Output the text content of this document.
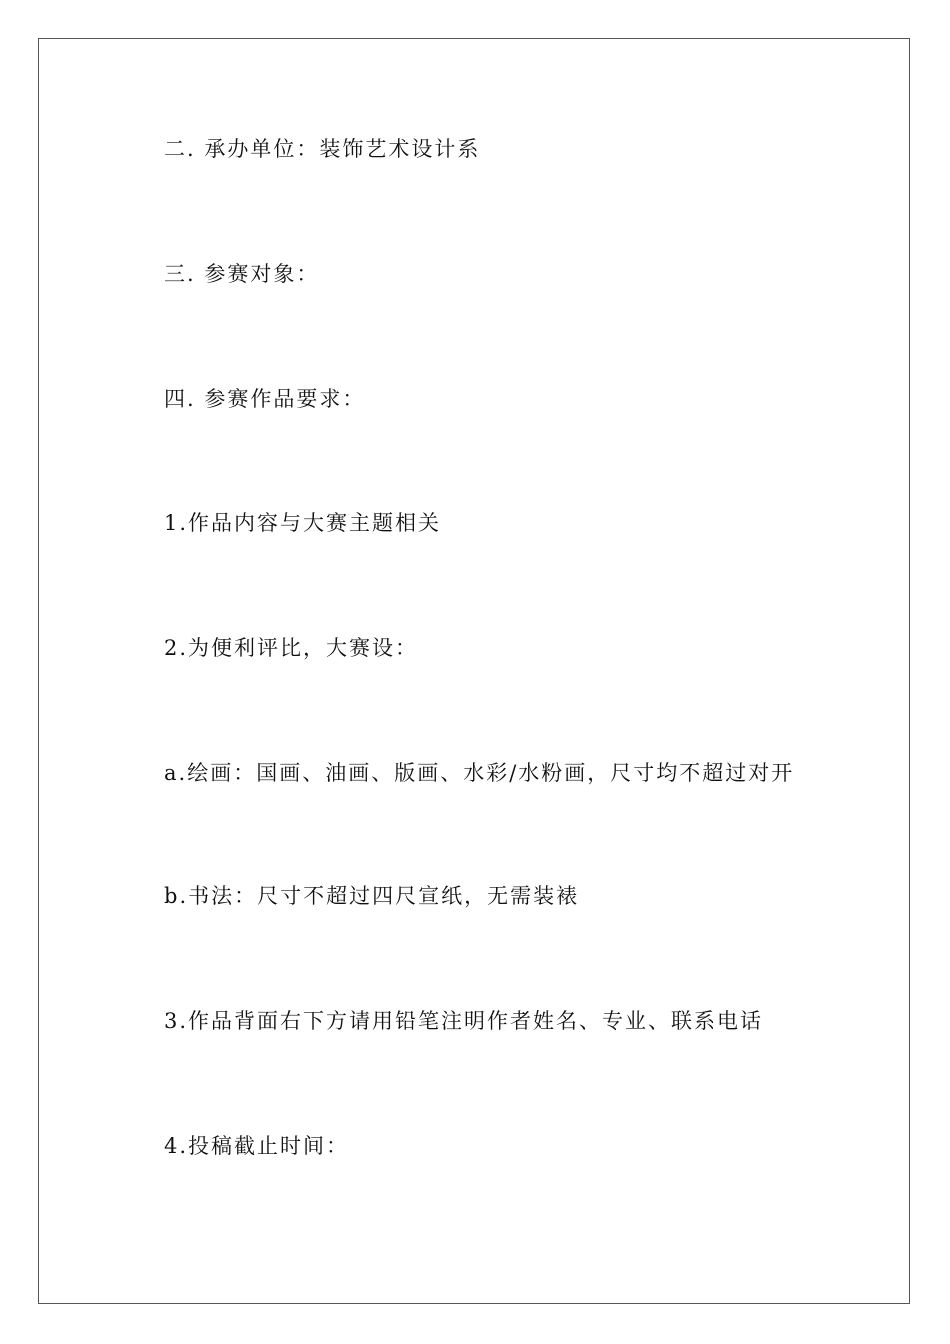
二. 承办单位：装饰艺术设计系
三. 参赛对象：
四. 参赛作品要求：
1.作品内容与大赛主题相关
2.为便利评比，大赛设：
a.绘画：国画、油画、版画、水彩/水粉画，尺寸均不超过对开
b.书法：尺寸不超过四尺宣纸，无需装裱
3.作品背面右下方请用铅笔注明作者姓名、专业、联系电话
4.投稿截止时间：
